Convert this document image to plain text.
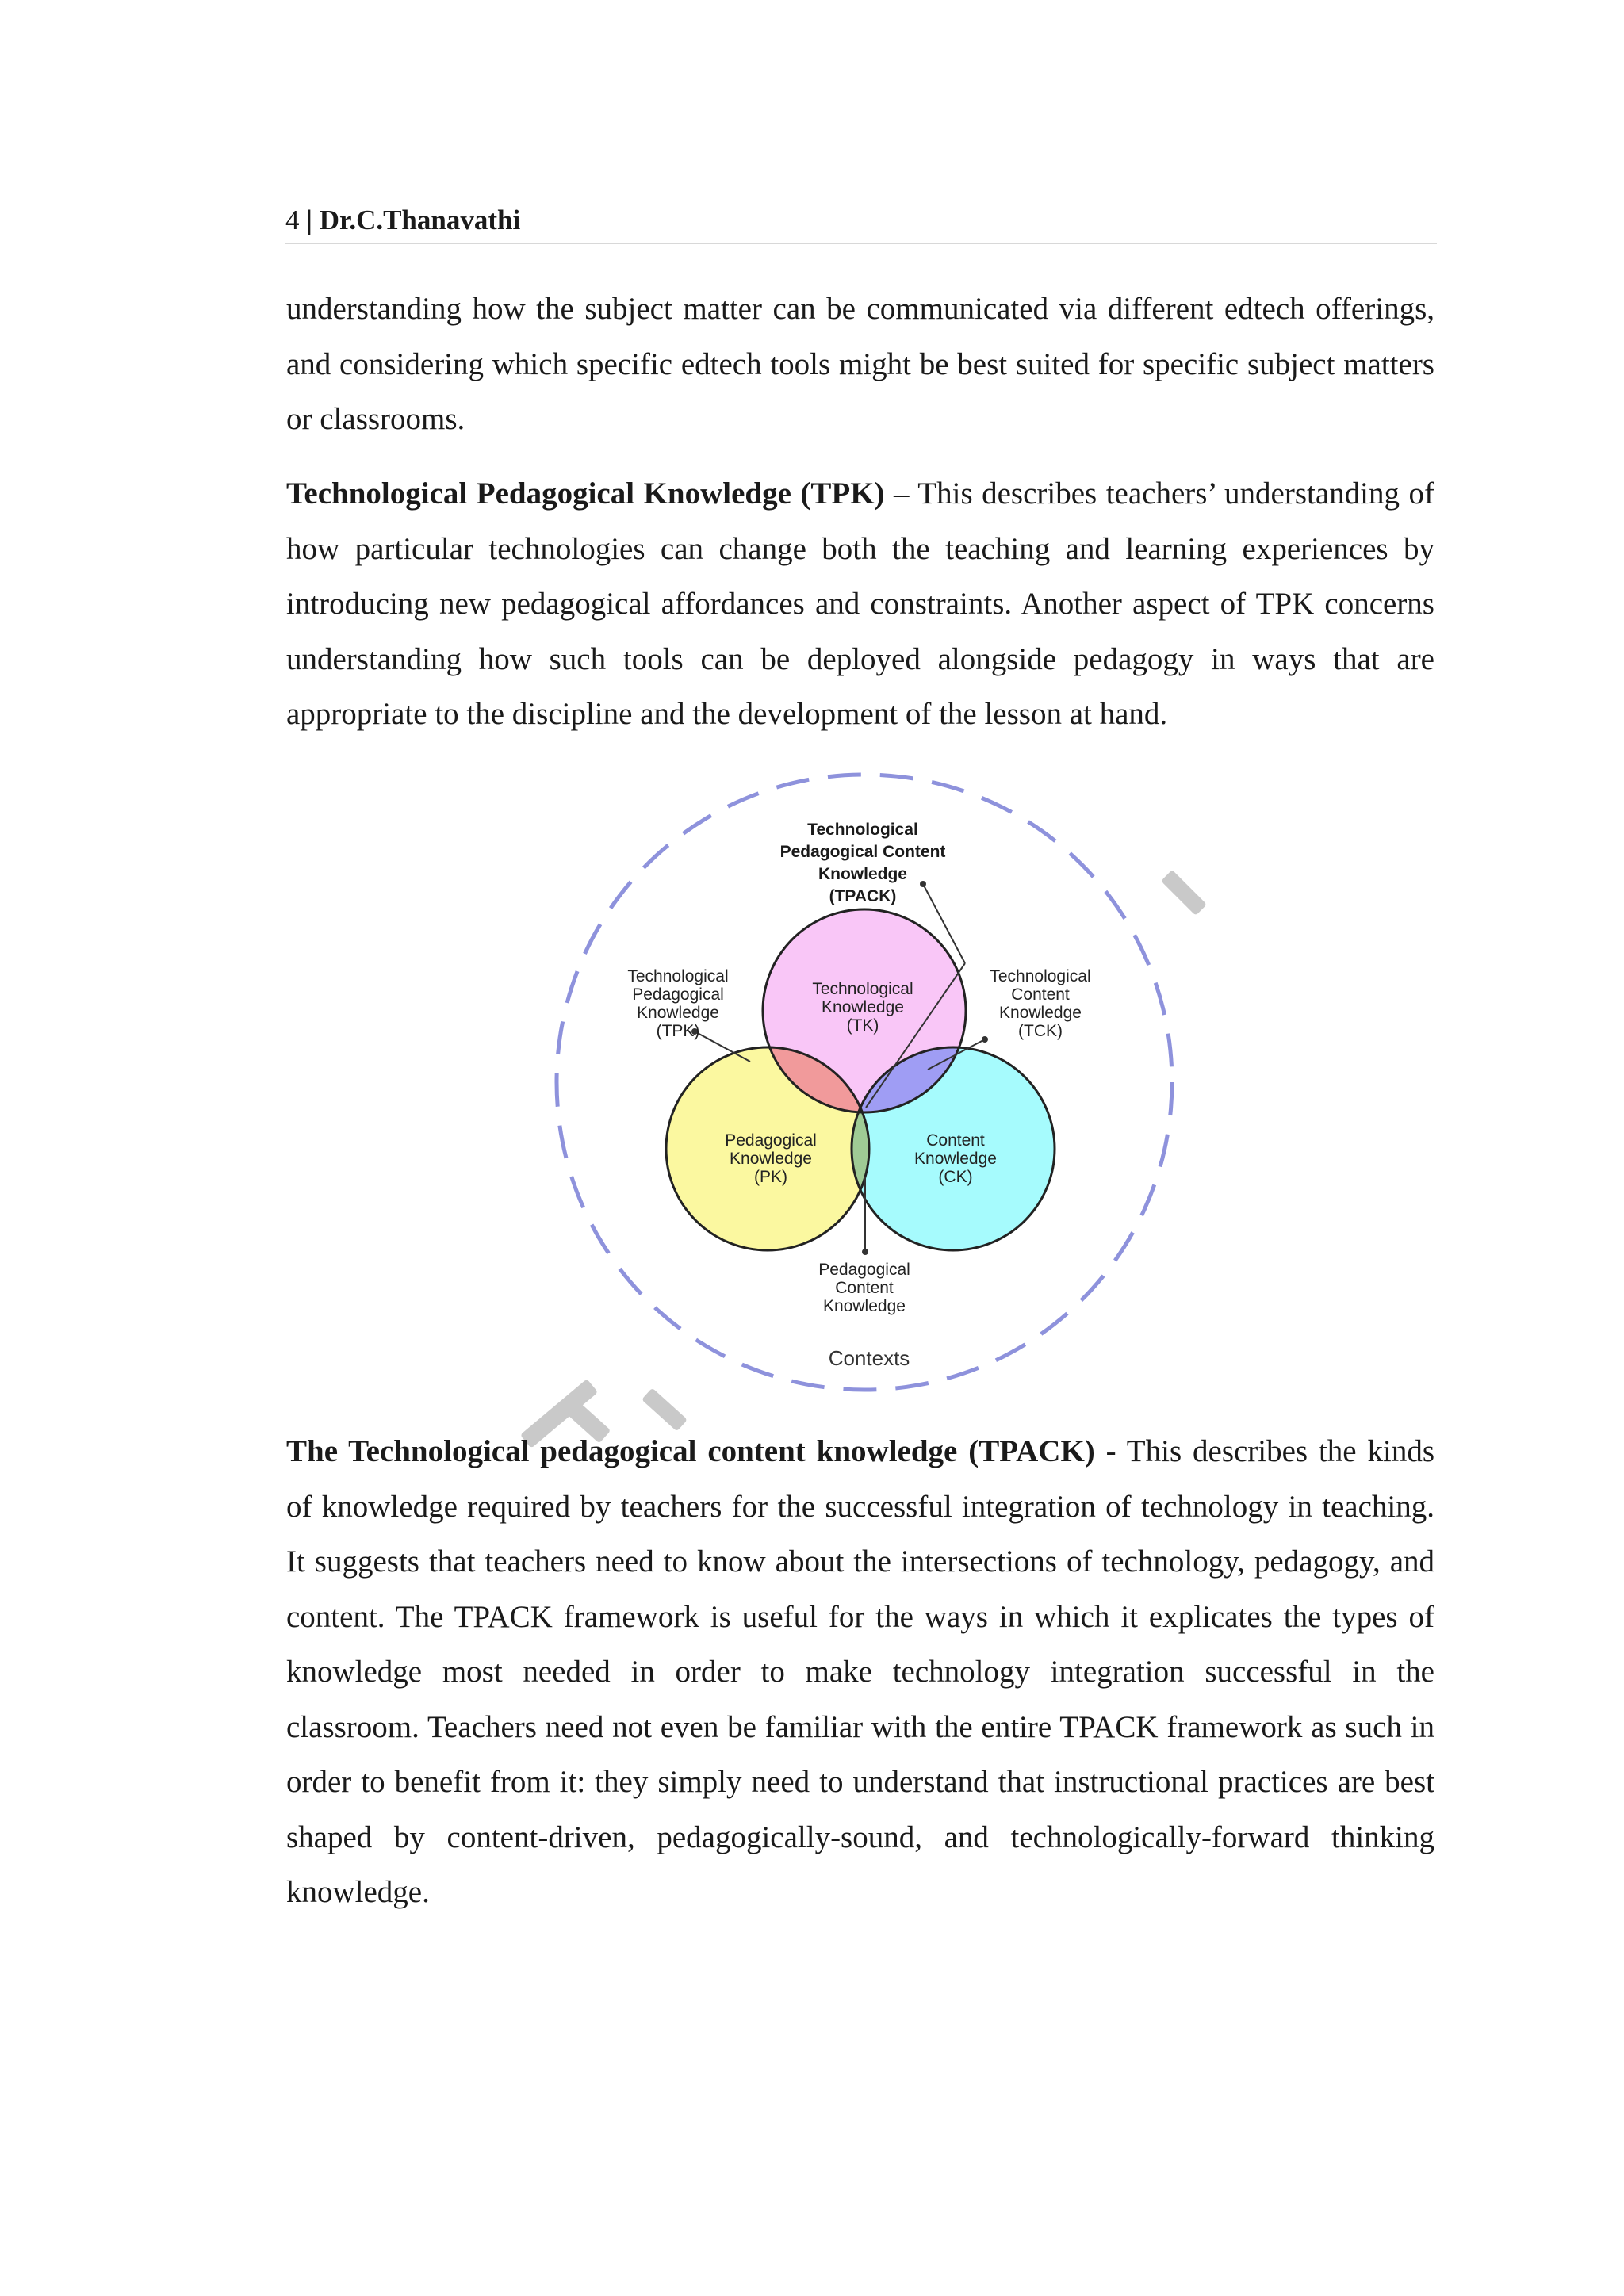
4 | Dr.C.Thanavathi

understanding how the subject matter can be communicated via different edtech offerings, and considering which specific edtech tools might be best suited for specific subject matters or classrooms.

Technological Pedagogical Knowledge (TPK) – This describes teachers’ understanding of how particular technologies can change both the teaching and learning experiences by introducing new pedagogical affordances and constraints. Another aspect of TPK concerns understanding how such tools can be deployed alongside pedagogy in ways that are appropriate to the discipline and the development of the lesson at hand.

Technological
Pedagogical Content
Knowledge
(TPACK)
Technological
Pedagogical
Knowledge
(TPK)
Technological
Content
Knowledge
(TCK)
Technological
Knowledge
(TK)
Pedagogical
Knowledge
(PK)
Content
Knowledge
(CK)
Pedagogical
Content
Knowledge
Contexts

The Technological pedagogical content knowledge (TPACK) - This describes the kinds of knowledge required by teachers for the successful integration of technology in teaching. It suggests that teachers need to know about the intersections of technology, pedagogy, and content. The TPACK framework is useful for the ways in which it explicates the types of knowledge most needed in order to make technology integration successful in the classroom. Teachers need not even be familiar with the entire TPACK framework as such in order to benefit from it: they simply need to understand that instructional practices are best shaped by content-driven, pedagogically-sound, and technologically-forward thinking knowledge.
